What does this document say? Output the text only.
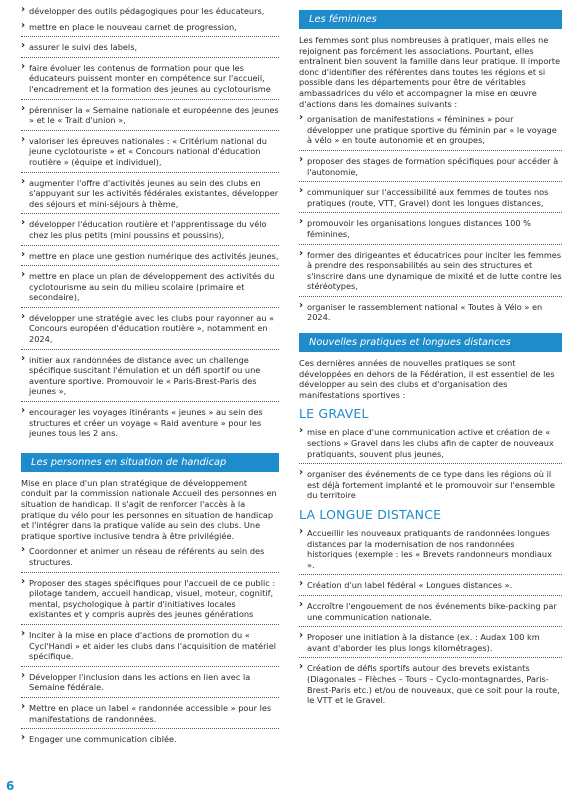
› développer des outils pédagogiques pour les éducateurs,
› mettre en place le nouveau carnet de progression,
› assurer le suivi des labels,
› faire évoluer les contenus de formation pour que les éducateurs puissent monter en compétence sur l'accueil, l'encadrement et la formation des jeunes au cyclotourisme
› pérenniser la « Semaine nationale et européenne des jeunes » et le « Trait d'union »,
› valoriser les épreuves nationales : « Critérium national du jeune cyclotouriste » et « Concours national d'éducation routière » (équipe et individuel),
› augmenter l'offre d'activités jeunes au sein des clubs en s'appuyant sur les activités fédérales existantes, développer des séjours et mini-séjours à thème,
› développer l'éducation routière et l'apprentissage du vélo chez les plus petits (mini poussins et poussins),
› mettre en place une gestion numérique des activités jeunes,
› mettre en place un plan de développement des activités du cyclotourisme au sein du milieu scolaire (primaire et secondaire),
› développer une stratégie avec les clubs pour rayonner au « Concours européen d'éducation routière », notamment en 2024,
› initier aux randonnées de distance avec un challenge spécifique suscitant l'émulation et un défi sportif ou une aventure sportive. Promouvoir le « Paris-Brest-Paris des jeunes »,
› encourager les voyages itinérants « jeunes » au sein des structures et créer un voyage « Raid aventure » pour les jeunes tous les 2 ans.
Les personnes en situation de handicap
Mise en place d'un plan stratégique de développement conduit par la commission nationale Accueil des personnes en situation de handicap. Il s'agit de renforcer l'accès à la pratique du vélo pour les personnes en situation de handicap et l'intégrer dans la pratique valide au sein des clubs. Une pratique sportive inclusive tendra à être privilégiée.
› Coordonner et animer un réseau de référents au sein des structures.
› Proposer des stages spécifiques pour l'accueil de ce public : pilotage tandem, accueil handicap, visuel, moteur, cognitif, mental, psychologique à partir d'initiatives locales existantes et y compris auprès des jeunes générations
› Inciter à la mise en place d'actions de promotion du « Cycl'Handi » et aider les clubs dans l'acquisition de matériel spécifique.
› Développer l'inclusion dans les actions en lien avec la Semaine fédérale.
› Mettre en place un label « randonnée accessible » pour les manifestations de randonnées.
› Engager une communication ciblée.
Les féminines
Les femmes sont plus nombreuses à pratiquer, mais elles ne rejoignent pas forcément les associations. Pourtant, elles entraînent bien souvent la famille dans leur pratique. Il importe donc d'identifier des référentes dans toutes les régions et si possible dans les départements pour être de véritables ambassadrices du vélo et accompagner la mise en œuvre d'actions dans les domaines suivants :
› organisation de manifestations « féminines » pour développer une pratique sportive du féminin par « le voyage à vélo » en toute autonomie et en groupes,
› proposer des stages de formation spécifiques pour accéder à l'autonomie,
› communiquer sur l'accessibilité aux femmes de toutes nos pratiques (route, VTT, Gravel) dont les longues distances,
› promouvoir les organisations longues distances 100 % féminines,
› former des dirigeantes et éducatrices pour inciter les femmes à prendre des responsabilités au sein des structures et s'inscrire dans une dynamique de mixité et de lutte contre les stéréotypes,
› organiser le rassemblement national « Toutes à Vélo » en 2024.
Nouvelles pratiques et longues distances
Ces dernières années de nouvelles pratiques se sont développées en dehors de la Fédération, il est essentiel de les développer au sein des clubs et d'organisation des manifestations sportives :
LE GRAVEL
› mise en place d'une communication active et création de « sections » Gravel dans les clubs afin de capter de nouveaux pratiquants, souvent plus jeunes,
› organiser des événements de ce type dans les régions où il est déjà fortement implanté et le promouvoir sur l'ensemble du territoire
LA LONGUE DISTANCE
› Accueillir les nouveaux pratiquants de randonnées longues distances par la modernisation de nos randonnées historiques (exemple : les « Brevets randonneurs mondiaux ».
› Création d'un label fédéral « Longues distances ».
› Accroître l'engouement de nos événements bike-packing par une communication nationale.
› Proposer une initiation à la distance (ex. : Audax 100 km avant d'aborder les plus longs kilométrages).
› Création de défis sportifs autour des brevets existants (Diagonales – Flèches – Tours – Cyclo-montagnardes, Paris-Brest-Paris etc.) et/ou de nouveaux, que ce soit pour la route, le VTT et le Gravel.
6
